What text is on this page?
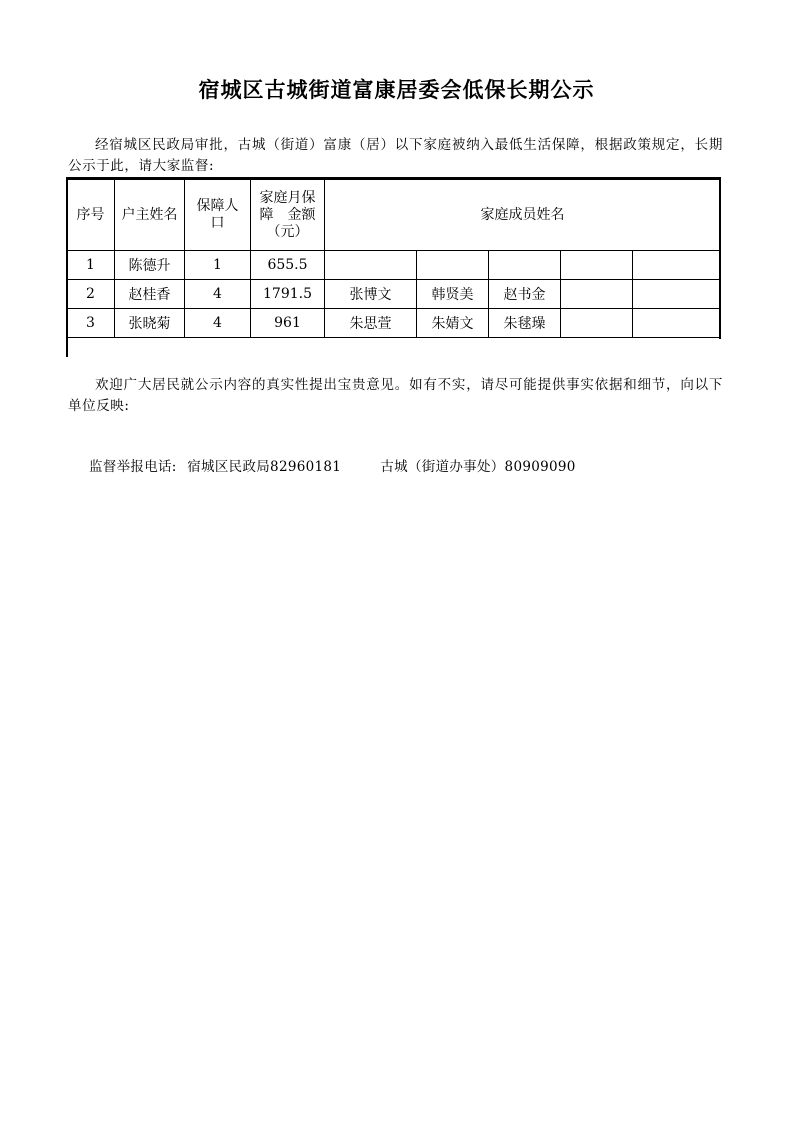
宿城区古城街道富康居委会低保长期公示
经宿城区民政局审批，古城（街道）富康（居）以下家庭被纳入最低生活保障，根据政策规定，长期公示于此，请大家监督:
序号	户主姓名	保障人口	家庭月保障　金额（元）	家庭成员姓名				
1	陈德升	1	655.5					
2	赵桂香	4	1791.5	张博文	韩贤美	赵书金		
3	张晓菊	4	961	朱思萱	朱婧文	朱毬璪		
欢迎广大居民就公示内容的真实性提出宝贵意见。如有不实，请尽可能提供事实依据和细节，向以下单位反映:
监督举报电话: 宿城区民政局82960181	古城（街道办事处）80909090
